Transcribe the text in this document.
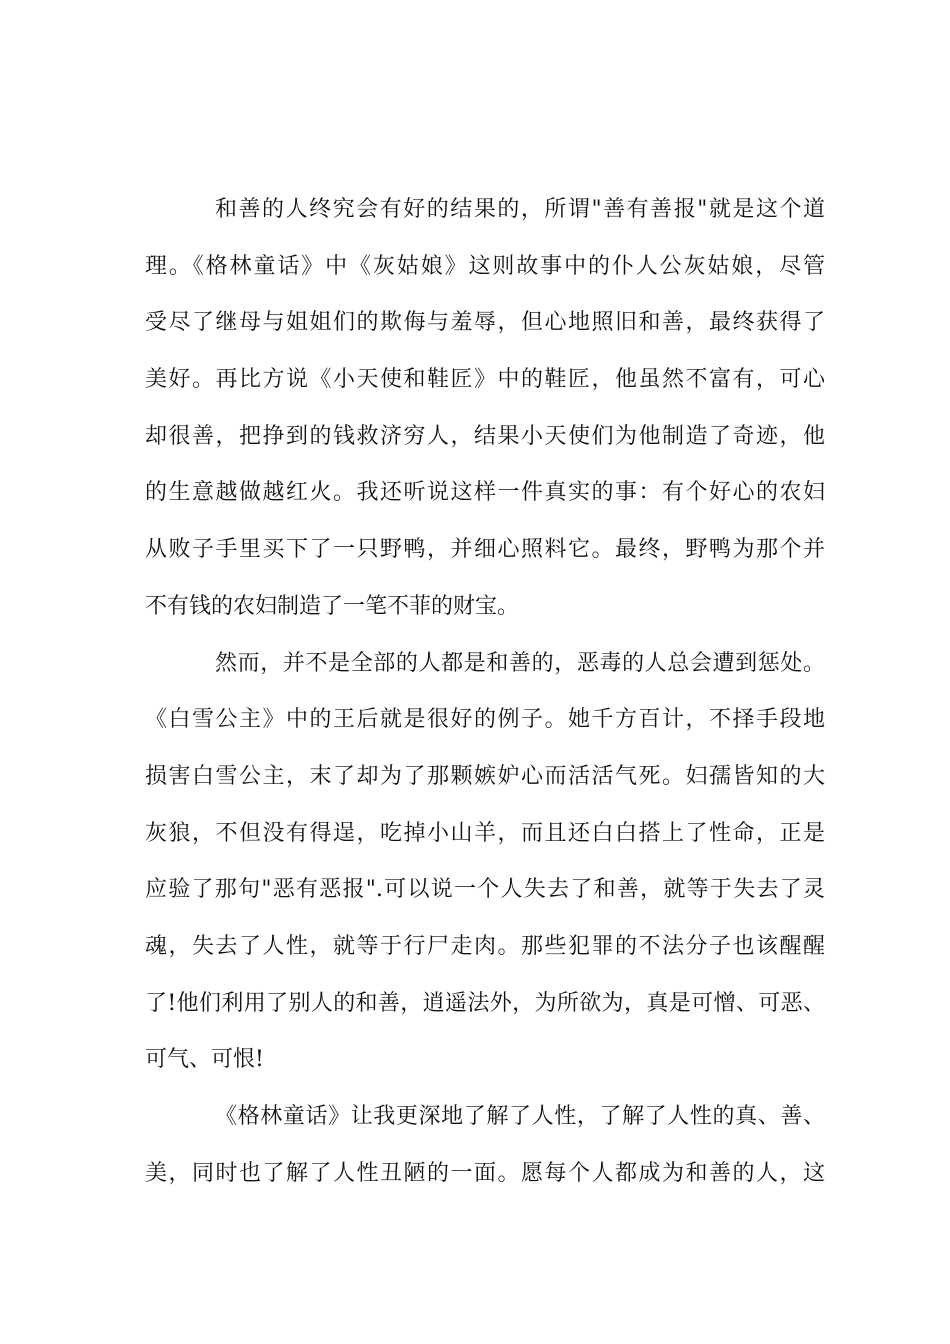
和善的人终究会有好的结果的，所谓"善有善报"就是这个道
理。《格林童话》中《灰姑娘》这则故事中的仆人公灰姑娘，尽管
受尽了继母与姐姐们的欺侮与羞辱，但心地照旧和善，最终获得了
美好。再比方说《小天使和鞋匠》中的鞋匠，他虽然不富有，可心
却很善，把挣到的钱救济穷人，结果小天使们为他制造了奇迹，他
的生意越做越红火。我还听说这样一件真实的事：有个好心的农妇
从败子手里买下了一只野鸭，并细心照料它。最终，野鸭为那个并
不有钱的农妇制造了一笔不菲的财宝。
然而，并不是全部的人都是和善的，恶毒的人总会遭到惩处。
《白雪公主》中的王后就是很好的例子。她千方百计，不择手段地
损害白雪公主，末了却为了那颗嫉妒心而活活气死。妇孺皆知的大
灰狼，不但没有得逞，吃掉小山羊，而且还白白搭上了性命，正是
应验了那句"恶有恶报".可以说一个人失去了和善，就等于失去了灵
魂，失去了人性，就等于行尸走肉。那些犯罪的不法分子也该醒醒
了!他们利用了别人的和善，逍遥法外，为所欲为，真是可憎、可恶、
可气、可恨!
《格林童话》让我更深地了解了人性，了解了人性的真、善、
美，同时也了解了人性丑陋的一面。愿每个人都成为和善的人，这
